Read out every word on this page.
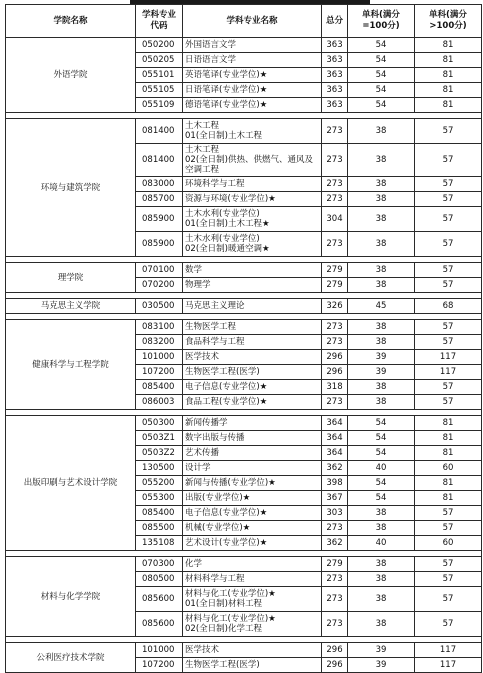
学院名称	学科专业代码	学科专业名称	总分	单科(满分=100分)	单科(满分>100分)
外语学院	050200	外国语言文学	363	54	81
	050205	日语语言文学	363	54	81
	055101	英语笔译(专业学位)★	363	54	81
	055105	日语笔译(专业学位)★	363	54	81
	055109	德语笔译(专业学位)★	363	54	81

环境与建筑学院	081400	土木工程
01(全日制)土木工程	273	38	57
	081400	土木工程
02(全日制)供热、供燃气、通风及
空调工程	273	38	57
	083000	环境科学与工程	273	38	57
	085700	资源与环境(专业学位)★	273	38	57
	085900	土木水利(专业学位)
01(全日制)土木工程★	304	38	57
	085900	土木水利(专业学位)
02(全日制)暖通空调★	273	38	57

理学院	070100	数学	279	38	57
	070200	物理学	279	38	57

马克思主义学院	030500	马克思主义理论	326	45	68

健康科学与工程学院	083100	生物医学工程	273	38	57
	083200	食品科学与工程	273	38	57
	101000	医学技术	296	39	117
	107200	生物医学工程(医学)	296	39	117
	085400	电子信息(专业学位)★	318	38	57
	086003	食品工程(专业学位)★	273	38	57

出版印刷与艺术设计学院	050300	新闻传播学	364	54	81
	0503Z1	数字出版与传播	364	54	81
	0503Z2	艺术传播	364	54	81
	130500	设计学	362	40	60
	055200	新闻与传播(专业学位)★	398	54	81
	055300	出版(专业学位)★	367	54	81
	085400	电子信息(专业学位)★	303	38	57
	085500	机械(专业学位)★	273	38	57
	135108	艺术设计(专业学位)★	362	40	60

材料与化学学院	070300	化学	279	38	57
	080500	材料科学与工程	273	38	57
	085600	材料与化工(专业学位)★
01(全日制)材料工程	273	38	57
	085600	材料与化工(专业学位)★
02(全日制)化学工程	273	38	57

公利医疗技术学院	101000	医学技术	296	39	117
	107200	生物医学工程(医学)	296	39	117
